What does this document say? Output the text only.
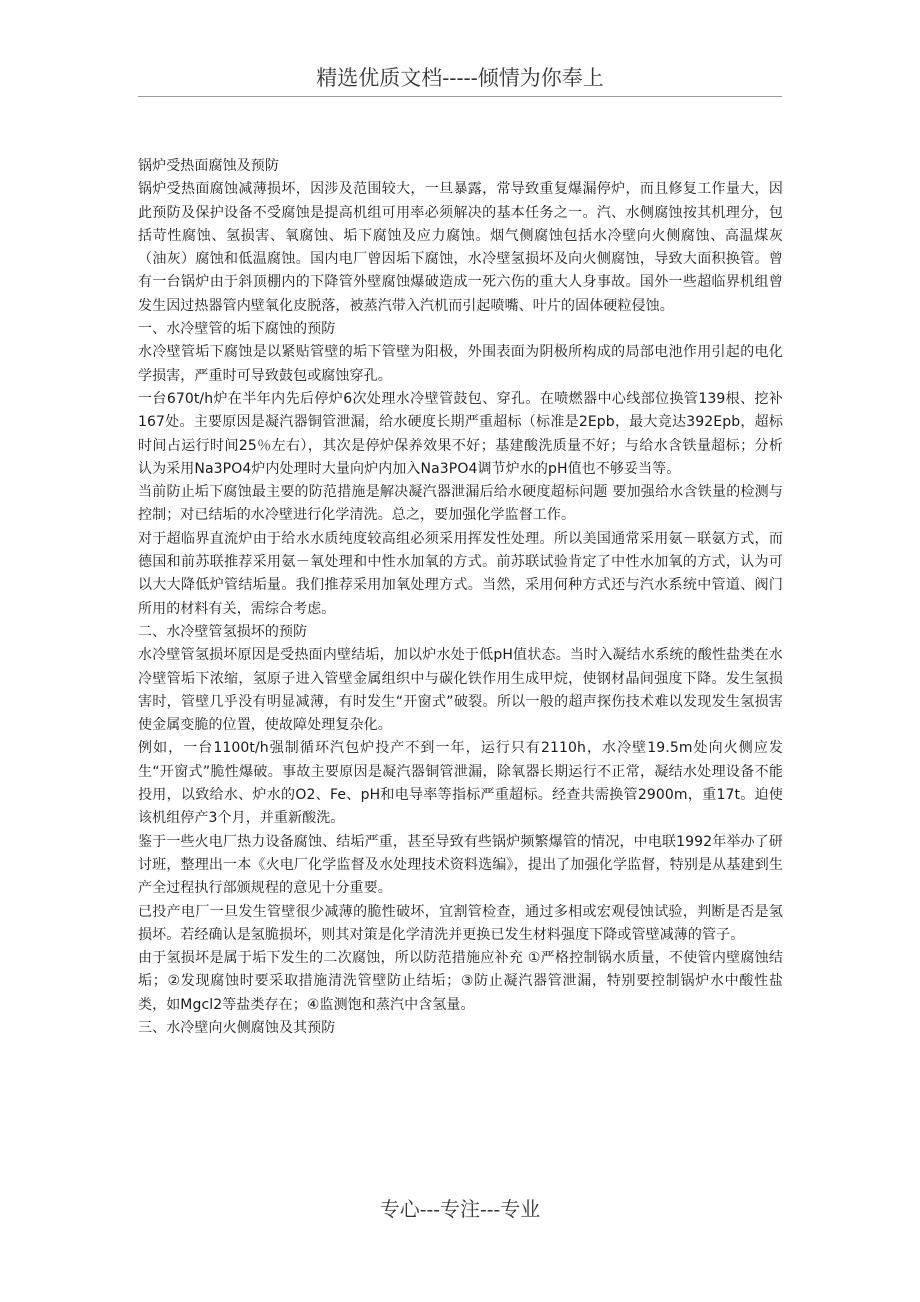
精选优质文档-----倾情为你奉上

锅炉受热面腐蚀及预防

锅炉受热面腐蚀减薄损坏，因涉及范围较大，一旦暴露，常导致重复爆漏停炉，而且修复工作量大，因此预防及保护设备不受腐蚀是提高机组可用率必须解决的基本任务之一。汽、水侧腐蚀按其机理分，包括苛性腐蚀、氢损害、氧腐蚀、垢下腐蚀及应力腐蚀。烟气侧腐蚀包括水冷壁向火侧腐蚀、高温煤灰（油灰）腐蚀和低温腐蚀。国内电厂曾因垢下腐蚀，水冷壁氢损坏及向火侧腐蚀，导致大面积换管。曾有一台锅炉由于斜顶棚内的下降管外壁腐蚀爆破造成一死六伤的重大人身事故。国外一些超临界机组曾发生因过热器管内壁氧化皮脱落，被蒸汽带入汽机而引起喷嘴、叶片的固体硬粒侵蚀。

一、水冷壁管的垢下腐蚀的预防

水冷壁管垢下腐蚀是以紧贴管壁的垢下管壁为阳极，外围表面为阴极所构成的局部电池作用引起的电化学损害，严重时可导致鼓包或腐蚀穿孔。

一台670t/h炉在半年内先后停炉6次处理水冷壁管鼓包、穿孔。在喷燃器中心线部位换管139根、挖补167处。主要原因是凝汽器铜管泄漏，给水硬度长期严重超标（标准是2Epb，最大竞达392Epb，超标时间占运行时间25％左右），其次是停炉保养效果不好；基建酸洗质量不好；与给水含铁量超标；分析认为采用Na3PO4炉内处理时大量向炉内加入Na3PO4调节炉水的pH值也不够妥当等。

当前防止垢下腐蚀最主要的防范措施是解决凝汽器泄漏后给水硬度超标问题 要加强给水含铁量的检测与控制；对已结垢的水冷壁进行化学清洗。总之，要加强化学监督工作。

对于超临界直流炉由于给水水质纯度较高组必须采用挥发性处理。所以美国通常采用氨－联氨方式，而德国和前苏联推荐采用氨－氧处理和中性水加氧的方式。前苏联试验肯定了中性水加氧的方式，认为可以大大降低炉管结垢量。我们推荐采用加氧处理方式。当然，采用何种方式还与汽水系统中管道、阀门所用的材料有关，需综合考虑。

二、水冷壁管氢损坏的预防

水冷壁管氢损坏原因是受热面内壁结垢，加以炉水处于低pH值状态。当时入凝结水系统的酸性盐类在水冷壁管垢下浓缩，氢原子进入管壁金属组织中与碳化铁作用生成甲烷，使钢材晶间强度下降。发生氢损害时，管壁几乎没有明显减薄，有时发生“开窗式”破裂。所以一般的超声探伤技术难以发现发生氢损害使金属变脆的位置，使故障处理复杂化。

例如，一台1100t/h强制循环汽包炉投产不到一年，运行只有2110h，水冷壁19.5m处向火侧应发生“开窗式”脆性爆破。事故主要原因是凝汽器铜管泄漏，除氧器长期运行不正常，凝结水处理设备不能投用，以致给水、炉水的O2、Fe、pH和电导率等指标严重超标。经查共需换管2900m，重17t。迫使该机组停产3个月，并重新酸洗。

鉴于一些火电厂热力设备腐蚀、结垢严重，甚至导致有些锅炉频繁爆管的情况，中电联1992年举办了研讨班，整理出一本《火电厂化学监督及水处理技术资料选编》，提出了加强化学监督，特别是从基建到生产全过程执行部颁规程的意见十分重要。

已投产电厂一旦发生管壁很少减薄的脆性破坏，宜割管检查，通过多相或宏观侵蚀试验，判断是否是氢损坏。若经确认是氢脆损坏，则其对策是化学清洗并更换已发生材料强度下降或管壁减薄的管子。

由于氢损坏是属于垢下发生的二次腐蚀，所以防范措施应补充 ①严格控制锅水质量，不使管内壁腐蚀结垢；②发现腐蚀时要采取措施清洗管壁防止结垢；③防止凝汽器管泄漏，特别要控制锅炉水中酸性盐类，如Mgcl2等盐类存在；④监测饱和蒸汽中含氢量。

三、水冷壁向火侧腐蚀及其预防

专心---专注---专业
